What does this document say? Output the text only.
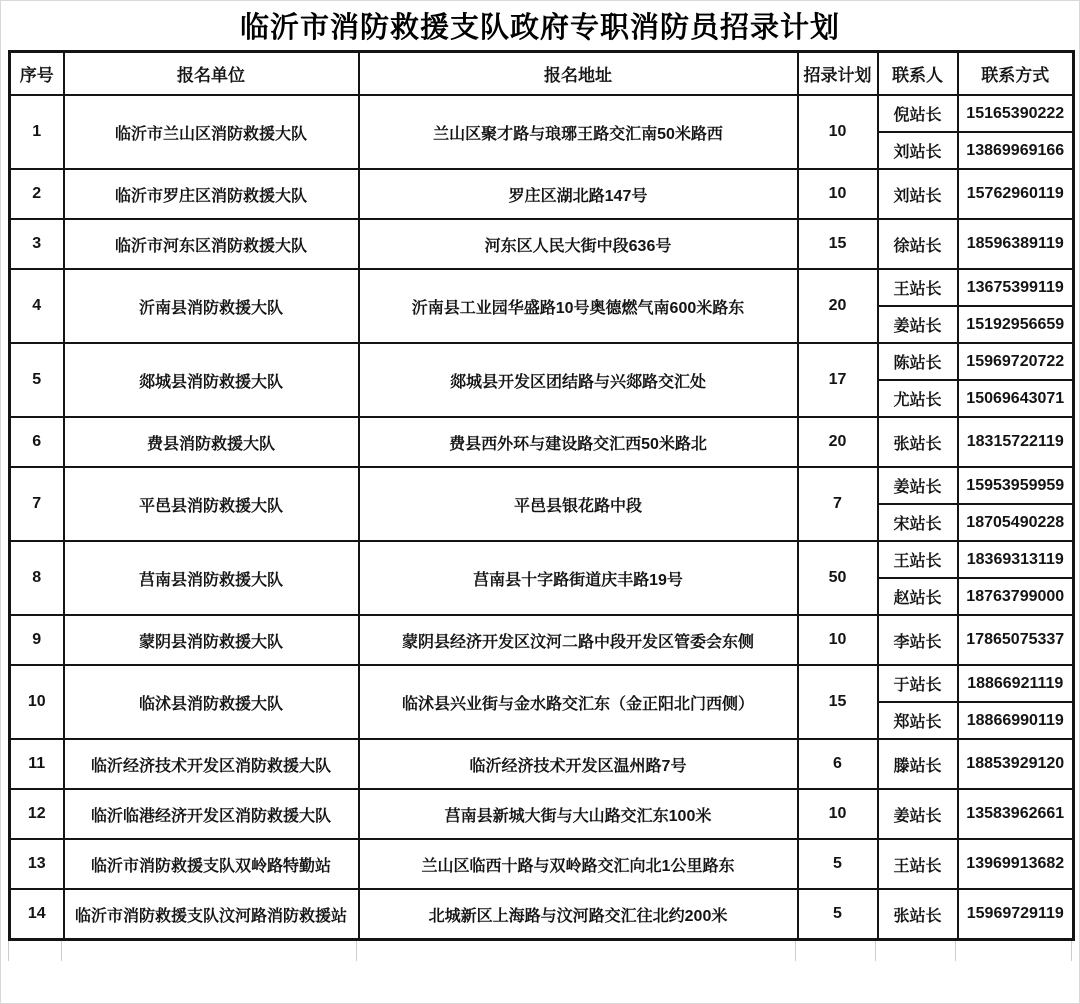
临沂市消防救援支队政府专职消防员招录计划
序号	报名单位	报名地址	招录计划	联系人	联系方式
1	临沂市兰山区消防救援大队	兰山区聚才路与琅琊王路交汇南50米路西	10	倪站长	15165390222
				刘站长	13869969166
2	临沂市罗庄区消防救援大队	罗庄区湖北路147号	10	刘站长	15762960119
3	临沂市河东区消防救援大队	河东区人民大街中段636号	15	徐站长	18596389119
4	沂南县消防救援大队	沂南县工业园华盛路10号奥德燃气南600米路东	20	王站长	13675399119
				姜站长	15192956659
5	郯城县消防救援大队	郯城县开发区团结路与兴郯路交汇处	17	陈站长	15969720722
				尤站长	15069643071
6	费县消防救援大队	费县西外环与建设路交汇西50米路北	20	张站长	18315722119
7	平邑县消防救援大队	平邑县银花路中段	7	姜站长	15953959959
				宋站长	18705490228
8	莒南县消防救援大队	莒南县十字路街道庆丰路19号	50	王站长	18369313119
				赵站长	18763799000
9	蒙阴县消防救援大队	蒙阴县经济开发区汶河二路中段开发区管委会东侧	10	李站长	17865075337
10	临沭县消防救援大队	临沭县兴业街与金水路交汇东（金正阳北门西侧）	15	于站长	18866921119
				郑站长	18866990119
11	临沂经济技术开发区消防救援大队	临沂经济技术开发区温州路7号	6	滕站长	18853929120
12	临沂临港经济开发区消防救援大队	莒南县新城大街与大山路交汇东100米	10	姜站长	13583962661
13	临沂市消防救援支队双岭路特勤站	兰山区临西十路与双岭路交汇向北1公里路东	5	王站长	13969913682
14	临沂市消防救援支队汶河路消防救援站	北城新区上海路与汶河路交汇往北约200米	5	张站长	15969729119
